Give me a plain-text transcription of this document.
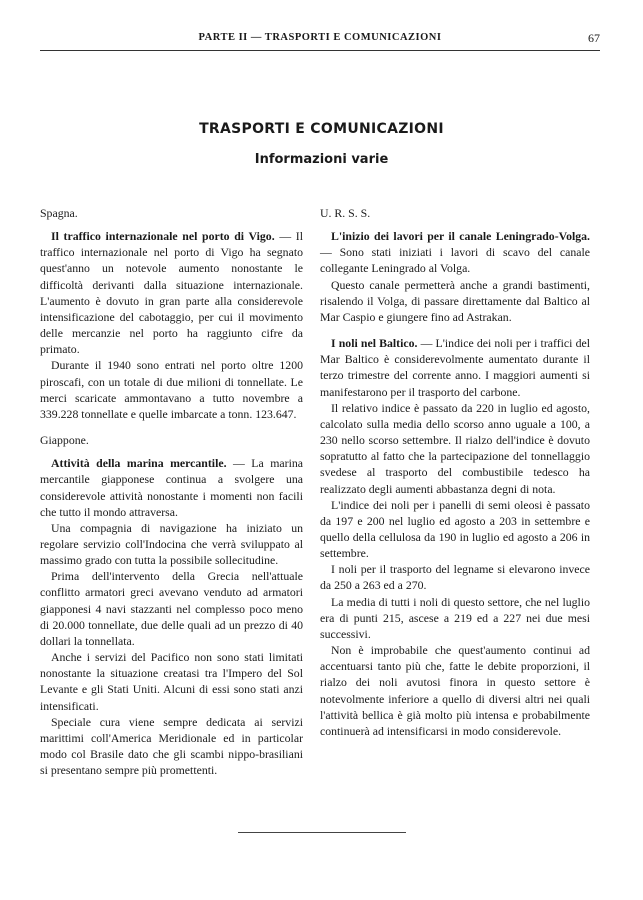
PARTE II — TRASPORTI E COMUNICAZIONI	67
TRASPORTI E COMUNICAZIONI
Informazioni varie

Spagna.

Il traffico internazionale nel porto di Vigo. — Il traffico internazionale nel porto di Vigo ha segnato quest'anno un notevole aumento nonostante le difficoltà derivanti dalla situazione internazionale. L'aumento è dovuto in gran parte alla considerevole intensificazione del cabotaggio, per cui il movimento delle mercanzie nel porto ha raggiunto cifre da primato.

Durante il 1940 sono entrati nel porto oltre 1200 piroscafi, con un totale di due milioni di tonnellate. Le merci scaricate ammontavano a tutto novembre a 339.228 tonnellate e quelle imbarcate a tonn. 123.647.

Giappone.

Attività della marina mercantile. — La marina mercantile giapponese continua a svolgere una considerevole attività nonostante i momenti non facili che tutto il mondo attraversa.

Una compagnia di navigazione ha iniziato un regolare servizio coll'Indocina che verrà sviluppato al massimo grado con tutta la possibile sollecitudine.

Prima dell'intervento della Grecia nell'attuale conflitto armatori greci avevano venduto ad armatori giapponesi 4 navi stazzanti nel complesso poco meno di 20.000 tonnellate, due delle quali ad un prezzo di 40 dollari la tonnellata.

Anche i servizi del Pacifico non sono stati limitati nonostante la situazione creatasi tra l'Impero del Sol Levante e gli Stati Uniti. Alcuni di essi sono stati anzi intensificati.

Speciale cura viene sempre dedicata ai servizi marittimi coll'America Meridionale ed in particolar modo col Brasile dato che gli scambi nippo-brasiliani si presentano sempre più promettenti.

U. R. S. S.

L'inizio dei lavori per il canale Leningrado-Volga. — Sono stati iniziati i lavori di scavo del canale collegante Leningrado al Volga.

Questo canale permetterà anche a grandi bastimenti, risalendo il Volga, di passare direttamente dal Baltico al Mar Caspio e giungere fino ad Astrakan.

I noli nel Baltico. — L'indice dei noli per i traffici del Mar Baltico è considerevolmente aumentato durante il terzo trimestre del corrente anno. I maggiori aumenti si manifestarono per il trasporto del carbone.

Il relativo indice è passato da 220 in luglio ed agosto, calcolato sulla media dello scorso anno uguale a 100, a 230 nello scorso settembre. Il rialzo dell'indice è dovuto sopratutto al fatto che la partecipazione del tonnellaggio svedese al trasporto del combustibile tedesco ha realizzato degli aumenti abbastanza degni di nota.

L'indice dei noli per i panelli di semi oleosi è passato da 197 e 200 nel luglio ed agosto a 203 in settembre e quello della cellulosa da 190 in luglio ed agosto a 206 in settembre.

I noli per il trasporto del legname si elevarono invece da 250 a 263 ed a 270.

La media di tutti i noli di questo settore, che nel luglio era di punti 215, ascese a 219 ed a 227 nei due mesi successivi.

Non è improbabile che quest'aumento continui ad accentuarsi tanto più che, fatte le debite proporzioni, il rialzo dei noli avutosi finora in questo settore è notevolmente inferiore a quello di diversi altri nei quali l'attività bellica è già molto più intensa e probabilmente continuerà ad intensificarsi in modo considerevole.
